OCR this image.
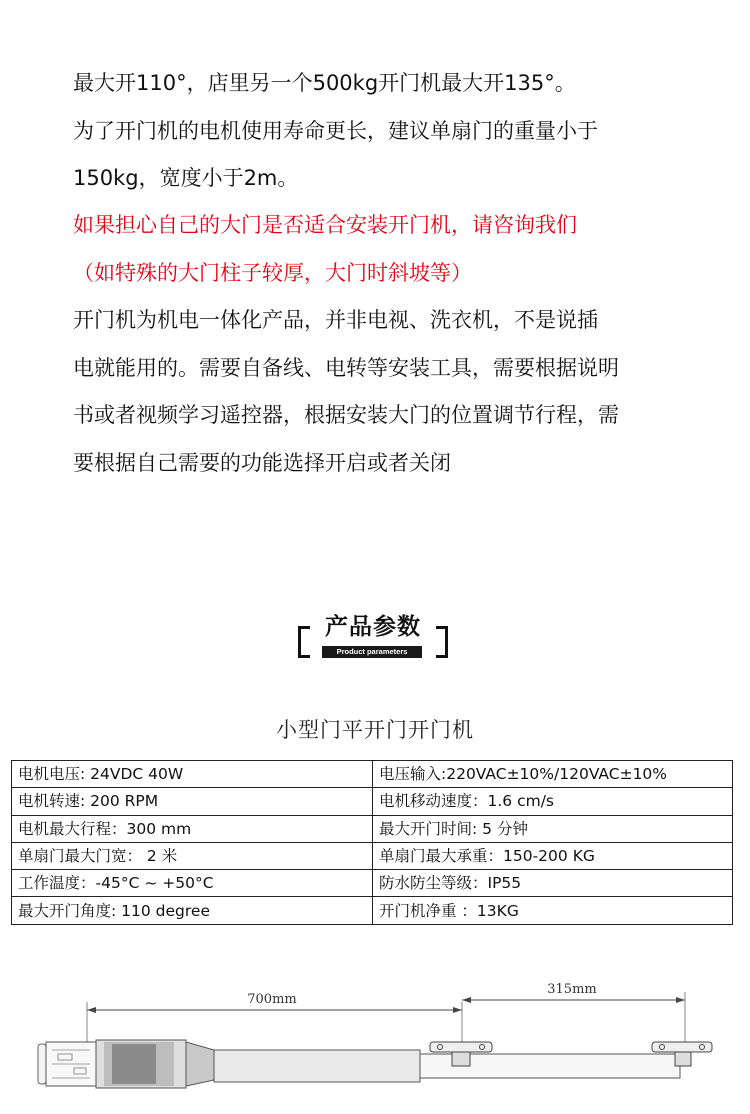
最大开110°，店里另一个500kg开门机最大开135°。
为了开门机的电机使用寿命更长，建议单扇门的重量小于
150kg，宽度小于2m。
如果担心自己的大门是否适合安装开门机，请咨询我们
（如特殊的大门柱子较厚，大门时斜坡等）
开门机为机电一体化产品，并非电视、洗衣机，不是说插
电就能用的。需要自备线、电转等安装工具，需要根据说明
书或者视频学习遥控器，根据安装大门的位置调节行程，需
要根据自己需要的功能选择开启或者关闭
产品参数
Product parameters
小型门平开门开门机
电机电压: 24VDC 40W	电压输入:220VAC±10%/120VAC±10%
电机转速: 200 RPM	电机移动速度：1.6 cm/s
电机最大行程：300 mm	最大开门时间: 5 分钟
单扇门最大门宽： 2 米	单扇门最大承重：150-200 KG
工作温度：-45°C ~ +50°C	防水防尘等级：IP55
最大开门角度: 110 degree	开门机净重 ：13KG
700mm
315mm
